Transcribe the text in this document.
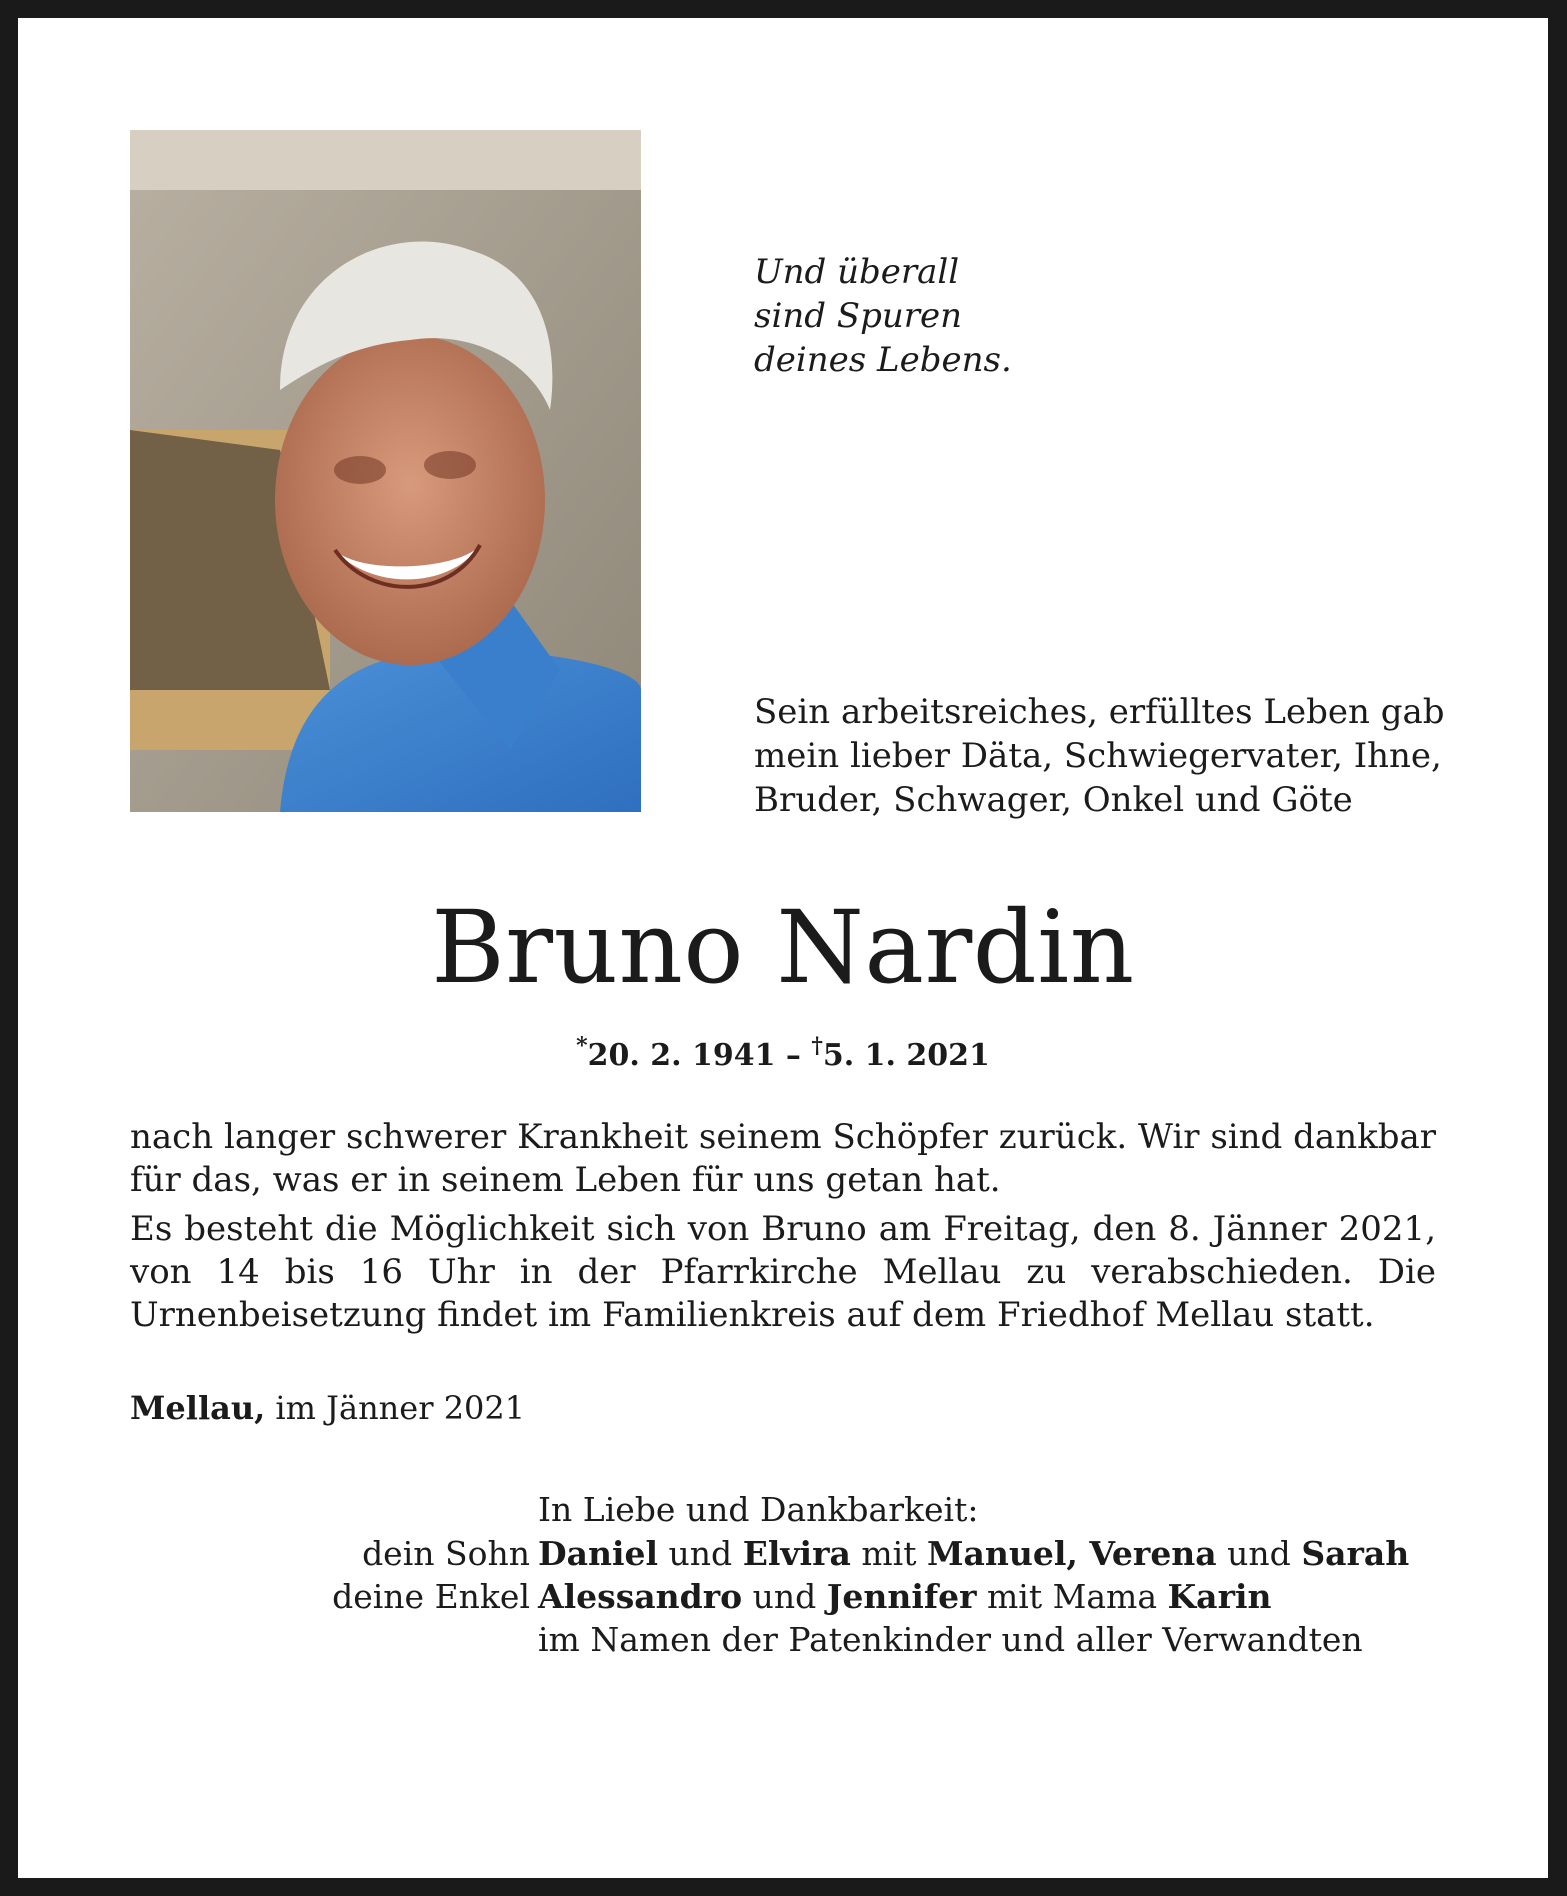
Und überall
sind Spuren
deines Lebens.
Sein arbeitsreiches, erfülltes Leben gab
mein lieber Däta, Schwiegervater, Ihne,
Bruder, Schwager, Onkel und Göte
Bruno Nardin
*20. 2. 1941 – †5. 1. 2021

nach langer schwerer Krankheit seinem Schöpfer zurück. Wir sind dankbar für das, was er in seinem Leben für uns getan hat.

Es besteht die Möglichkeit sich von Bruno am Freitag, den 8. Jänner 2021, von 14 bis 16 Uhr in der Pfarrkirche Mellau zu verabschieden. Die Urnenbeisetzung findet im Familienkreis auf dem Friedhof Mellau statt.

Mellau, im Jänner 2021
In Liebe und Dankbarkeit:
dein Sohn Daniel und Elvira mit Manuel, Verena und Sarah
deine Enkel Alessandro und Jennifer mit Mama Karin
im Namen der Patenkinder und aller Verwandten
